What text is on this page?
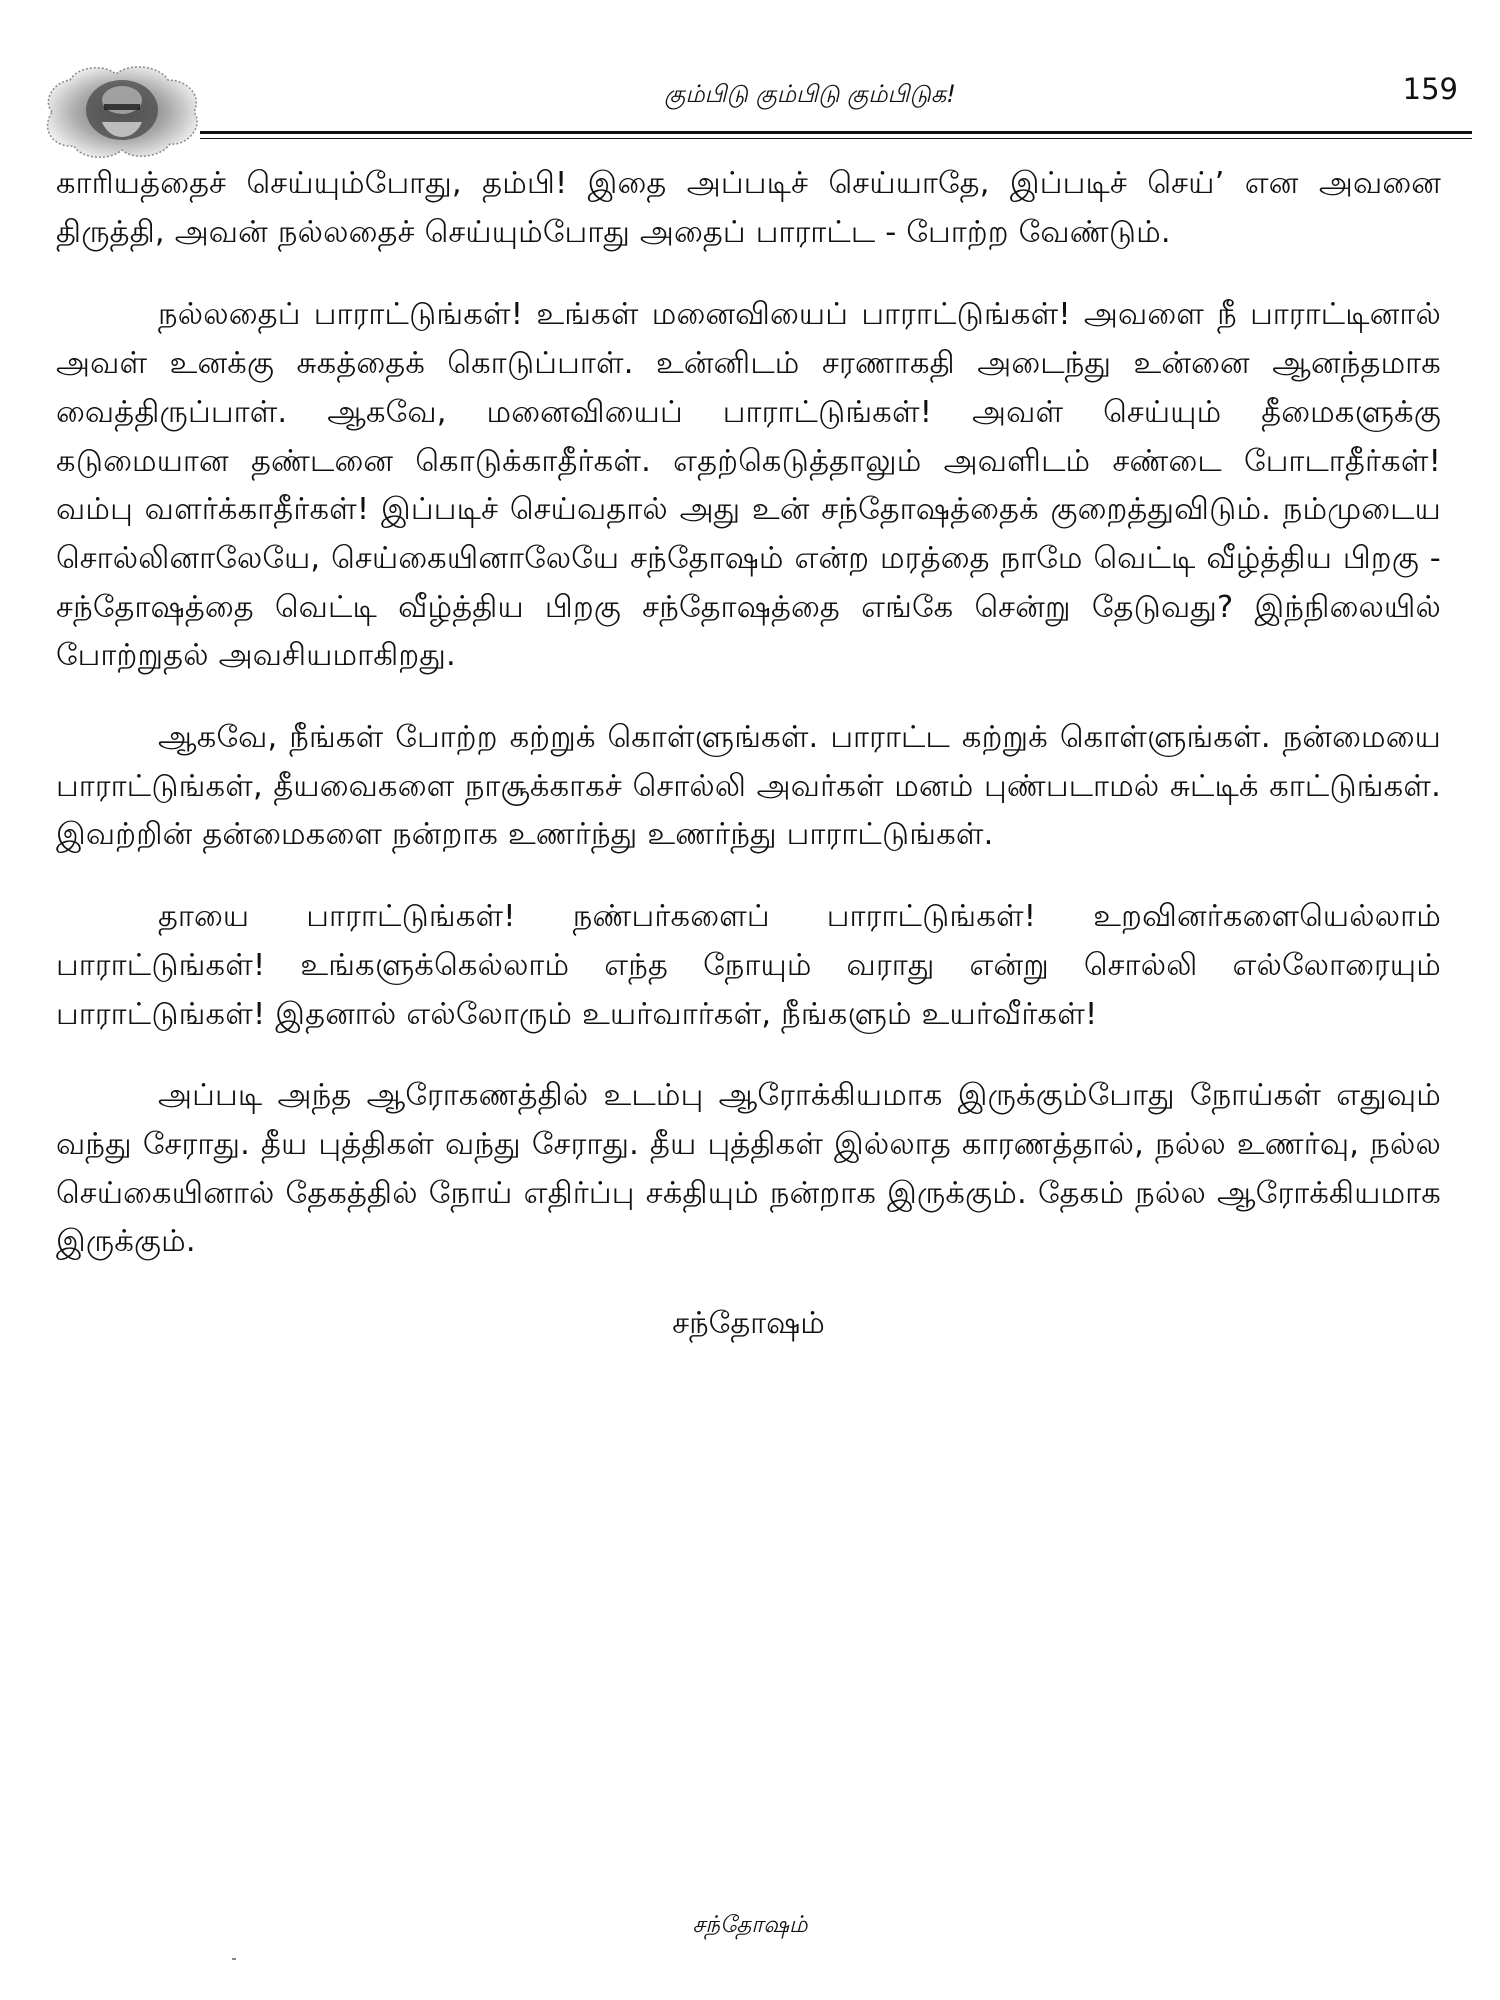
கும்பிடு கும்பிடு கும்பிடுக!	159

காரியத்தைச் செய்யும்போது, தம்பி! இதை அப்படிச் செய்யாதே, இப்படிச் செய்’ என அவனை திருத்தி, அவன் நல்லதைச் செய்யும்போது அதைப் பாராட்ட - போற்ற வேண்டும்.

நல்லதைப் பாராட்டுங்கள்! உங்கள் மனைவியைப் பாராட்டுங்கள்! அவளை நீ பாராட்டினால் அவள் உனக்கு சுகத்தைக் கொடுப்பாள். உன்னிடம் சரணாகதி அடைந்து உன்னை ஆனந்தமாக வைத்திருப்பாள். ஆகவே, மனைவியைப் பாராட்டுங்கள்! அவள் செய்யும் தீமைகளுக்கு கடுமையான தண்டனை கொடுக்காதீர்கள். எதற்கெடுத்தாலும் அவளிடம் சண்டை போடாதீர்கள்! வம்பு வளர்க்காதீர்கள்! இப்படிச் செய்வதால் அது உன் சந்தோஷத்தைக் குறைத்துவிடும். நம்முடைய சொல்லினாலேயே, செய்கையினாலேயே சந்தோஷம் என்ற மரத்தை நாமே வெட்டி வீழ்த்திய பிறகு - சந்தோஷத்தை வெட்டி வீழ்த்திய பிறகு சந்தோஷத்தை எங்கே சென்று தேடுவது? இந்நிலையில் போற்றுதல் அவசியமாகிறது.

ஆகவே, நீங்கள் போற்ற கற்றுக் கொள்ளுங்கள். பாராட்ட கற்றுக் கொள்ளுங்கள். நன்மையை பாராட்டுங்கள், தீயவைகளை நாசூக்காகச் சொல்லி அவர்கள் மனம் புண்படாமல் சுட்டிக் காட்டுங்கள். இவற்றின் தன்மைகளை நன்றாக உணர்ந்து உணர்ந்து பாராட்டுங்கள்.

தாயை பாராட்டுங்கள்! நண்பர்களைப் பாராட்டுங்கள்! உறவினர்களையெல்லாம் பாராட்டுங்கள்! உங்களுக்கெல்லாம் எந்த நோயும் வராது என்று சொல்லி எல்லோரையும் பாராட்டுங்கள்! இதனால் எல்லோரும் உயர்வார்கள், நீங்களும் உயர்வீர்கள்!

அப்படி அந்த ஆரோகணத்தில் உடம்பு ஆரோக்கியமாக இருக்கும்போது நோய்கள் எதுவும் வந்து சேராது. தீய புத்திகள் வந்து சேராது. தீய புத்திகள் இல்லாத காரணத்தால், நல்ல உணர்வு, நல்ல செய்கையினால் தேகத்தில் நோய் எதிர்ப்பு சக்தியும் நன்றாக இருக்கும். தேகம் நல்ல ஆரோக்கியமாக இருக்கும்.

சந்தோஷம்
சந்தோஷம்
